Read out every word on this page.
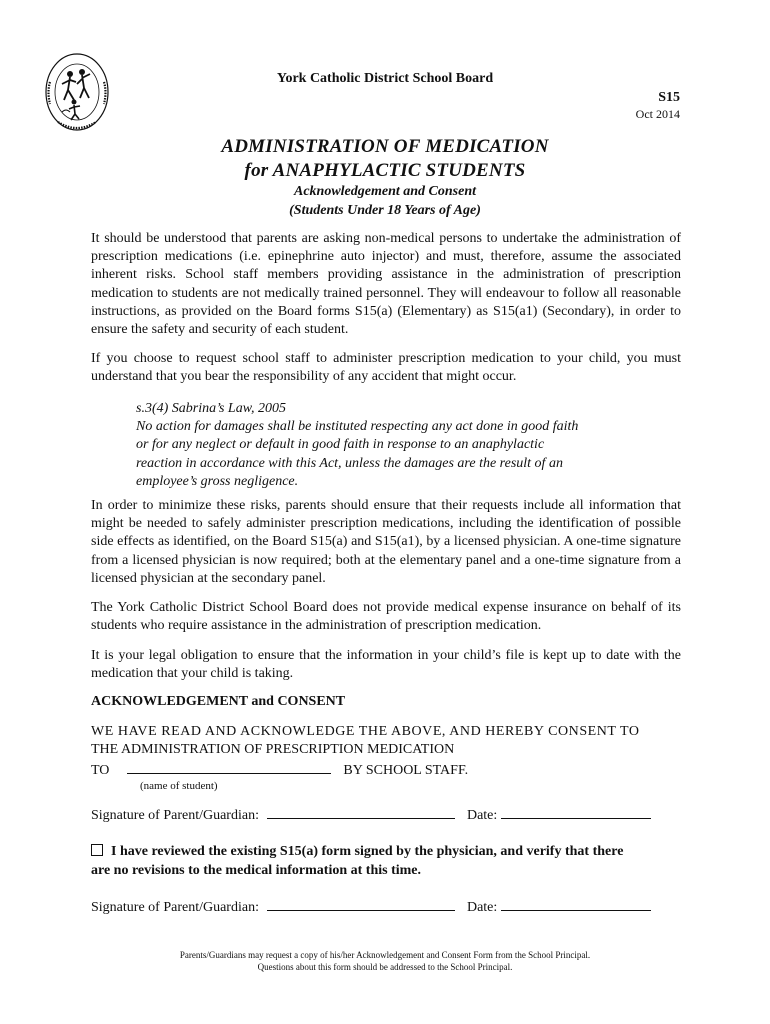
York Catholic District School Board
S15
Oct 2014
ADMINISTRATION OF MEDICATION
for ANAPHYLACTIC STUDENTS
Acknowledgement and Consent
(Students Under 18 Years of Age)
It should be understood that parents are asking non-medical persons to undertake the administration of prescription medications (i.e. epinephrine auto injector) and must, therefore, assume the associated inherent risks. School staff members providing assistance in the administration of prescription medication to students are not medically trained personnel. They will endeavour to follow all reasonable instructions, as provided on the Board forms S15(a) (Elementary) as S15(a1) (Secondary), in order to ensure the safety and security of each student.
If you choose to request school staff to administer prescription medication to your child, you must understand that you bear the responsibility of any accident that might occur.
s.3(4) Sabrina’s Law, 2005
No action for damages shall be instituted respecting any act done in good faith
or for any neglect or default in good faith in response to an anaphylactic
reaction in accordance with this Act, unless the damages are the result of an
employee’s gross negligence.
In order to minimize these risks, parents should ensure that their requests include all information that might be needed to safely administer prescription medications, including the identification of possible side effects as identified, on the Board S15(a) and S15(a1), by a licensed physician. A one-time signature from a licensed physician is now required; both at the elementary panel and a one-time signature from a licensed physician at the secondary panel.
The York Catholic District School Board does not provide medical expense insurance on behalf of its students who require assistance in the administration of prescription medication.
It is your legal obligation to ensure that the information in your child’s file is kept up to date with the medication that your child is taking.
ACKNOWLEDGEMENT and CONSENT
WE HAVE READ AND ACKNOWLEDGE THE ABOVE, AND HEREBY CONSENT TO
THE ADMINISTRATION OF PRESCRIPTION MEDICATION
TO	BY SCHOOL STAFF.
(name of student)
Signature of Parent/Guardian:	Date:
I have reviewed the existing S15(a) form signed by the physician, and verify that there
are no revisions to the medical information at this time.
Signature of Parent/Guardian:	Date:
Parents/Guardians may request a copy of his/her Acknowledgement and Consent Form from the School Principal.
Questions about this form should be addressed to the School Principal.
